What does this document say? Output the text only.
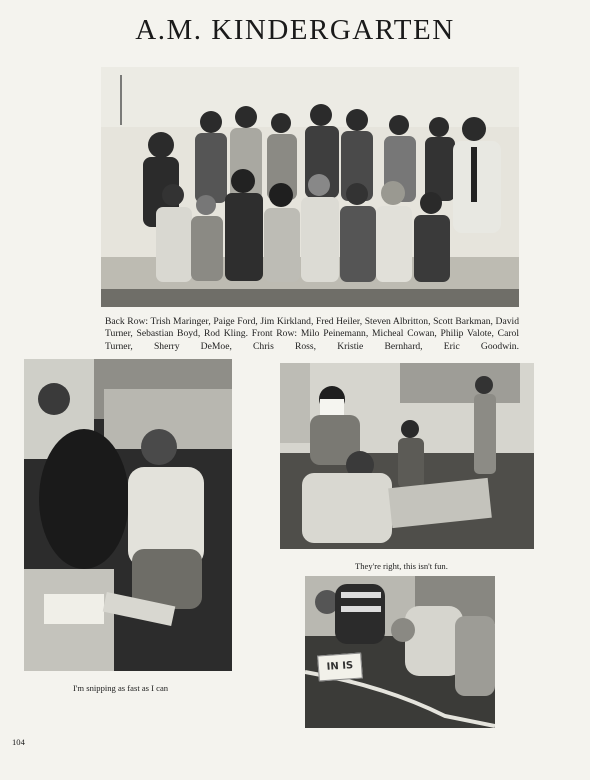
A.M. KINDERGARTEN
Back Row: Trish Maringer, Paige Ford, Jim Kirkland, Fred Heiler, Steven Albritton, Scott Barkman, David Turner, Sebastian Boyd, Rod Kling. Front Row: Milo Peinemann, Micheal Cowan, Philip Valote, Carol Turner, Sherry DeMoe, Chris Ross, Kristie Bernhard, Eric Goodwin.
They're right, this isn't fun.
IN IS
I'm snipping as fast as I can
104
